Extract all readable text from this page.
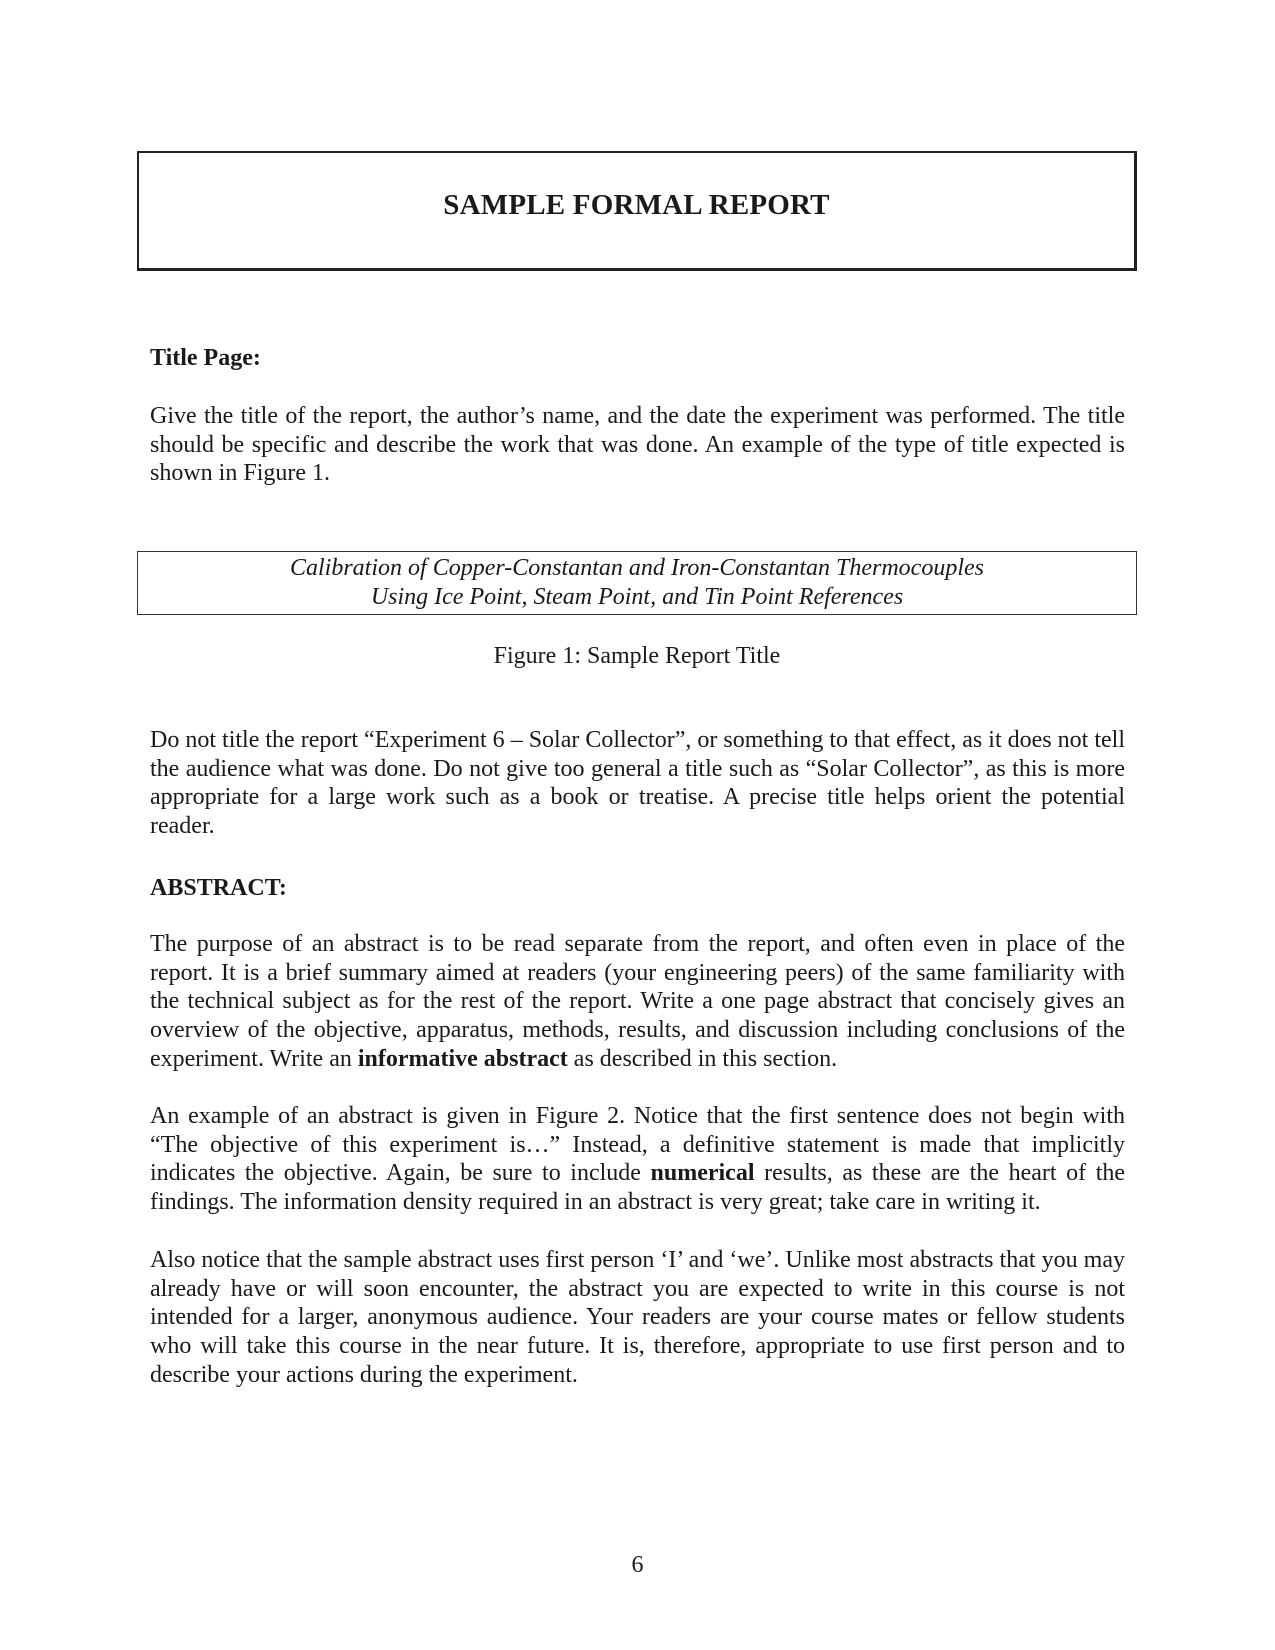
SAMPLE FORMAL REPORT
Title Page:

Give the title of the report, the author’s name, and the date the experiment was performed. The title should be specific and describe the work that was done. An example of the type of title expected is shown in Figure 1.

Calibration of Copper-Constantan and Iron-Constantan Thermocouples
Using Ice Point, Steam Point, and Tin Point References

Figure 1: Sample Report Title

Do not title the report “Experiment 6 – Solar Collector”, or something to that effect, as it does not tell the audience what was done. Do not give too general a title such as “Solar Collector”, as this is more appropriate for a large work such as a book or treatise. A precise title helps orient the potential reader.

ABSTRACT:

The purpose of an abstract is to be read separate from the report, and often even in place of the report. It is a brief summary aimed at readers (your engineering peers) of the same familiarity with the technical subject as for the rest of the report. Write a one page abstract that concisely gives an overview of the objective, apparatus, methods, results, and discussion including conclusions of the experiment. Write an informative abstract as described in this section.

An example of an abstract is given in Figure 2. Notice that the first sentence does not begin with “The objective of this experiment is…” Instead, a definitive statement is made that implicitly indicates the objective. Again, be sure to include numerical results, as these are the heart of the findings. The information density required in an abstract is very great; take care in writing it.

Also notice that the sample abstract uses first person ‘I’ and ‘we’. Unlike most abstracts that you may already have or will soon encounter, the abstract you are expected to write in this course is not intended for a larger, anonymous audience. Your readers are your course mates or fellow students who will take this course in the near future. It is, therefore, appropriate to use first person and to describe your actions during the experiment.

6
